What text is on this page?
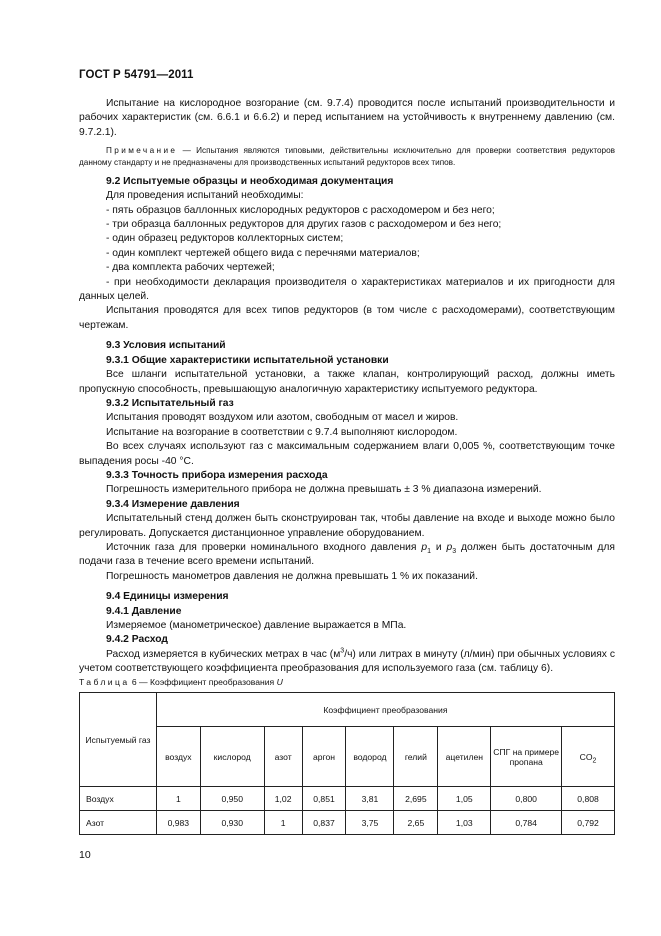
ГОСТ Р 54791—2011

Испытание на кислородное возгорание (см. 9.7.4) проводится после испытаний производительности и рабочих характеристик (см. 6.6.1 и 6.6.2) и перед испытанием на устойчивость к внутреннему давлению (см. 9.7.2.1).

Примечание — Испытания являются типовыми, действительны исключительно для проверки соответствия редукторов данному стандарту и не предназначены для производственных испытаний редукторов всех типов.

9.2 Испытуемые образцы и необходимая документация

Для проведения испытаний необходимы:

- пять образцов баллонных кислородных редукторов с расходомером и без него;

- три образца баллонных редукторов для других газов с расходомером и без него;

- один образец редукторов коллекторных систем;

- один комплект чертежей общего вида с перечнями материалов;

- два комплекта рабочих чертежей;

- при необходимости декларация производителя о характеристиках материалов и их пригодности для данных целей.

Испытания проводятся для всех типов редукторов (в том числе с расходомерами), соответствующим чертежам.

9.3 Условия испытаний

9.3.1 Общие характеристики испытательной установки

Все шланги испытательной установки, а также клапан, контролирующий расход, должны иметь пропускную способность, превышающую аналогичную характеристику испытуемого редуктора.

9.3.2 Испытательный газ

Испытания проводят воздухом или азотом, свободным от масел и жиров.

Испытание на возгорание в соответствии с 9.7.4 выполняют кислородом.

Во всех случаях используют газ с максимальным содержанием влаги 0,005 %, соответствующим точке выпадения росы -40 °С.

9.3.3 Точность прибора измерения расхода

Погрешность измерительного прибора не должна превышать ± 3 % диапазона измерений.

9.3.4 Измерение давления

Испытательный стенд должен быть сконструирован так, чтобы давление на входе и выходе можно было регулировать. Допускается дистанционное управление оборудованием.

Источник газа для проверки номинального входного давления $p_1$ и $p_3$ должен быть достаточным для подачи газа в течение всего времени испытаний.

Погрешность манометров давления не должна превышать 1 % их показаний.

9.4 Единицы измерения

9.4.1 Давление

Измеряемое (манометрическое) давление выражается в МПа.

9.4.2 Расход

Расход измеряется в кубических метрах в час $(м^3/ч)$ или литрах в минуту (л/мин) при обычных условиях с учетом соответствующего коэффициента преобразования для используемого газа (см. таблицу 6).

Таблица 6 — Коэффициент преобразования U
Испытуемый газ	Коэффициент преобразования								
	воздух	кислород	азот	аргон	водород	гелий	ацетилен	СПГ на примере пропана	$CO_2$
Воздух	1	0,950	1,02	0,851	3,81	2,695	1,05	0,800	0,808
Азот	0,983	0,930	1	0,837	3,75	2,65	1,03	0,784	0,792
10
